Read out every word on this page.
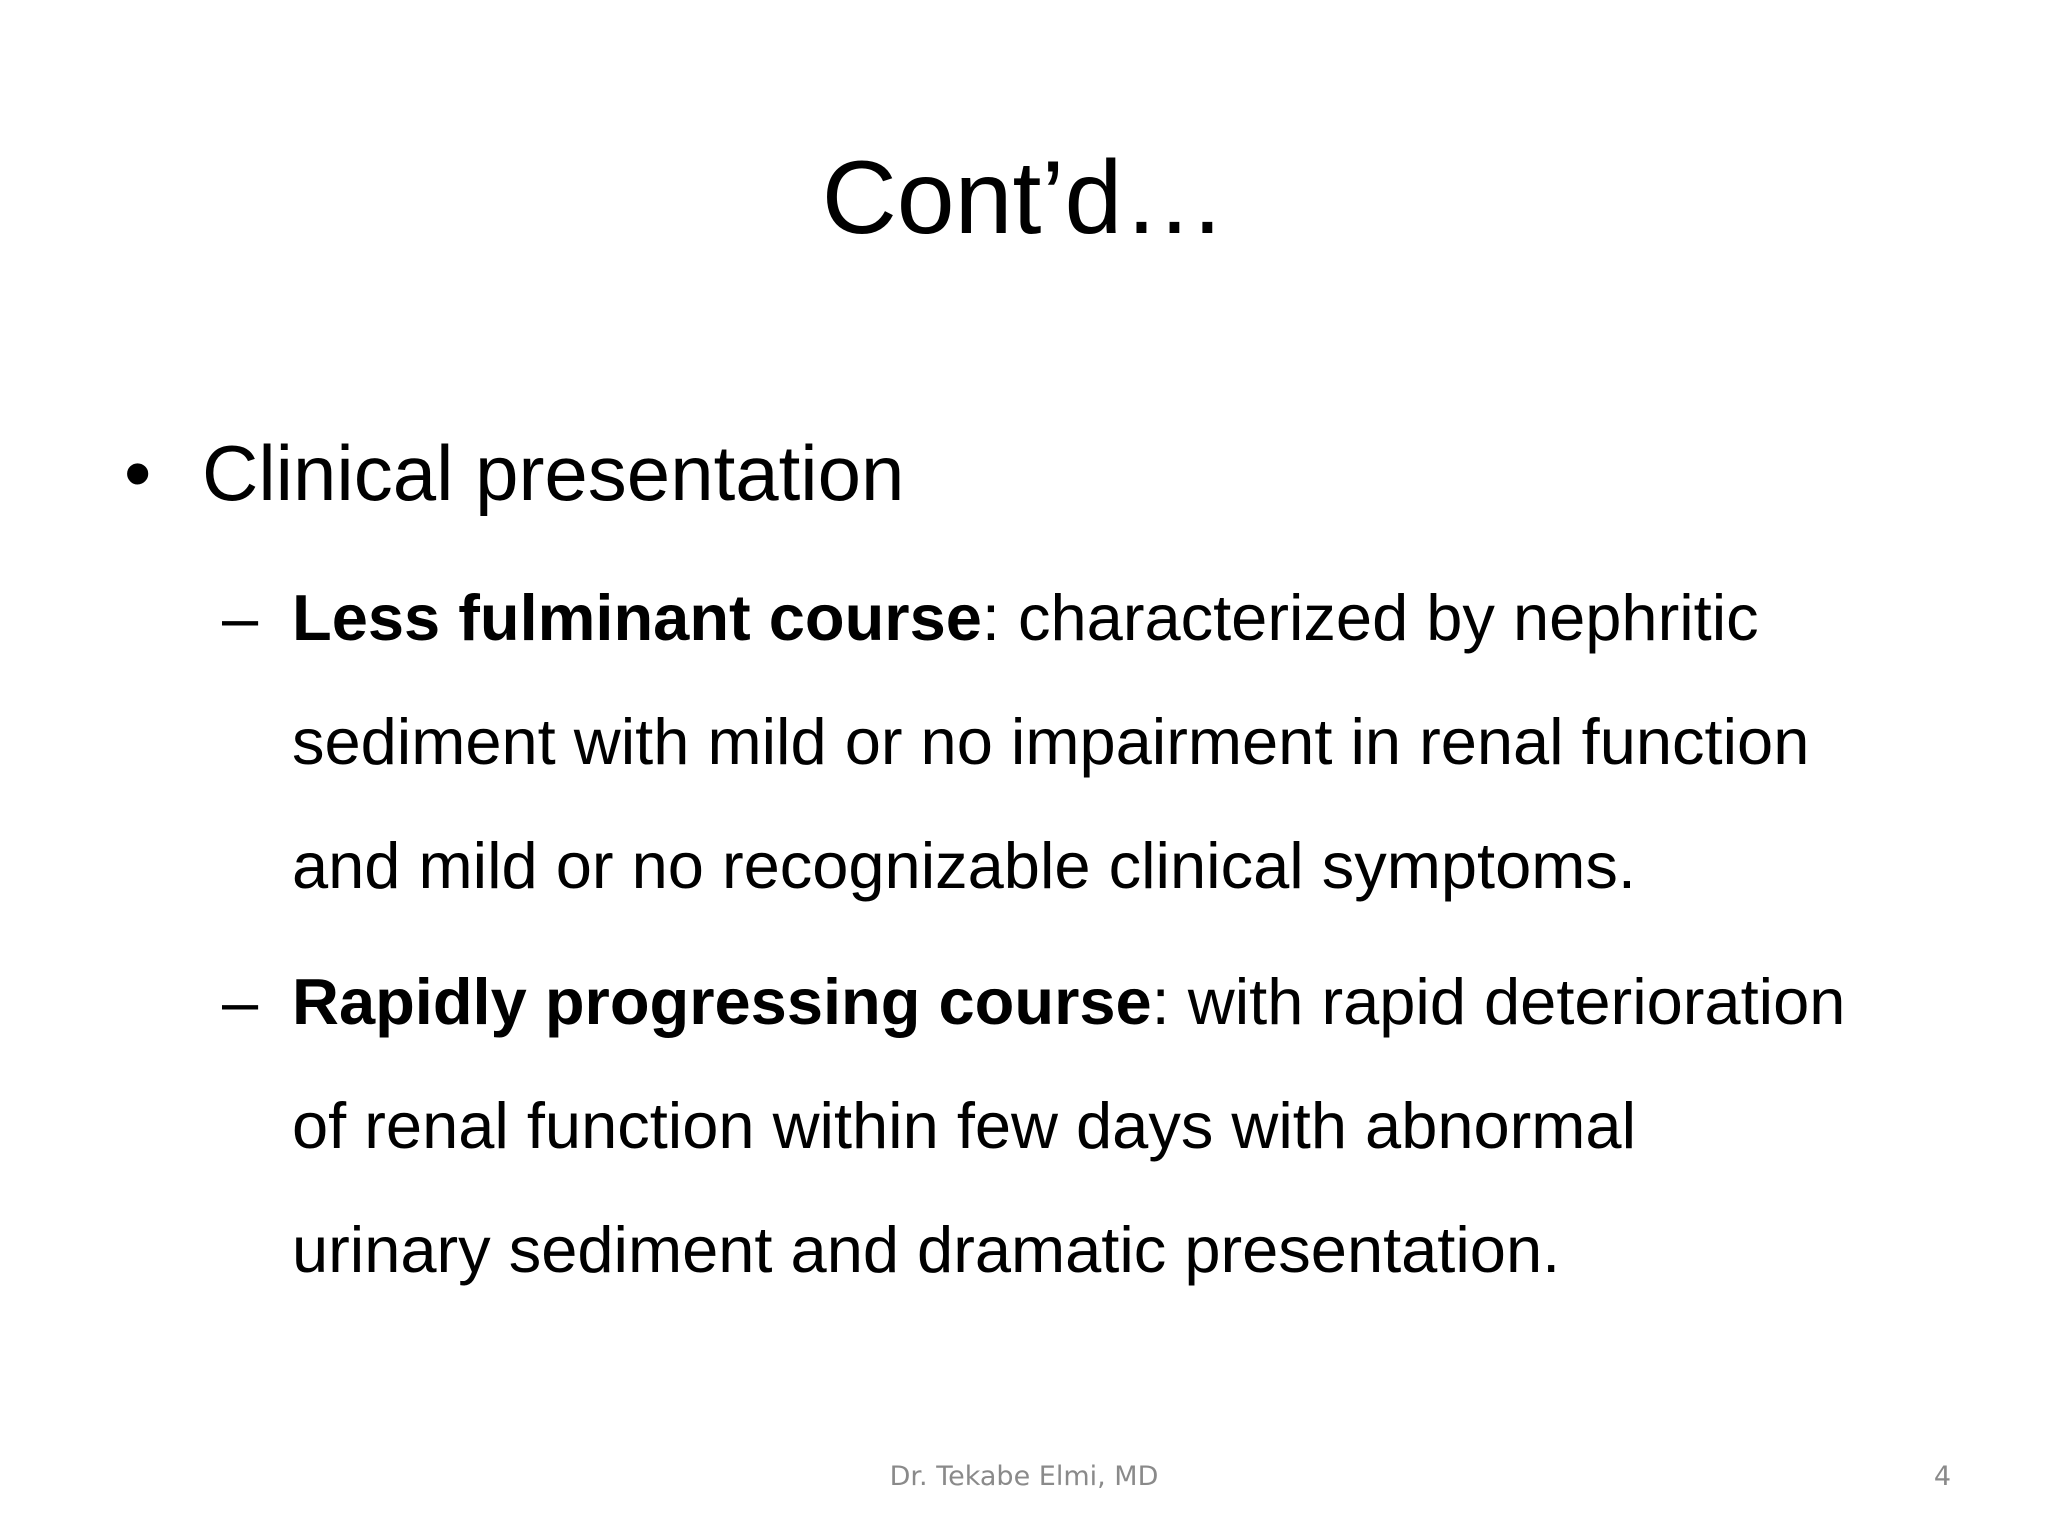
Cont’d…
• Clinical presentation
– Less fulminant course: characterized by nephritic
sediment with mild or no impairment in renal function
and mild or no recognizable clinical symptoms.
– Rapidly progressing course: with rapid deterioration
of renal function within few days with abnormal
urinary sediment and dramatic presentation.
Dr. Tekabe Elmi, MD	4
